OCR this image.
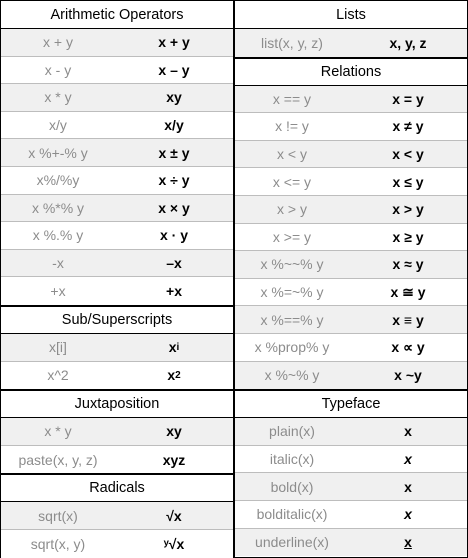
Arithmetic Operators
x + y	x + y
x - y	x – y
x * y	xy
x/y	x/y
x %+-% y	x ± y
x%/%y	x ÷ y
x %*% y	x × y
x %.% y	x · y
-x	–x
+x	+x
Sub/Superscripts
x[i]	x i
x^2	x 2
Juxtaposition
x * y	xy
paste(x, y, z)	xyz
Radicals
sqrt(x)	√x
sqrt(x, y)	ʸ√x
Lists
list(x, y, z)	x, y, z
Relations
x == y	x = y
x != y	x ≠ y
x < y	x < y
x <= y	x ≤ y
x > y	x > y
x >= y	x ≥ y
x %~~% y	x ≈ y
x %=~% y	x ≅ y
x %==% y	x ≡ y
x %prop% y	x ∝ y
x %~% y	x ~y
Typeface
plain(x)	x
italic(x)	x
bold(x)	x
bolditalic(x)	x
underline(x)	x
